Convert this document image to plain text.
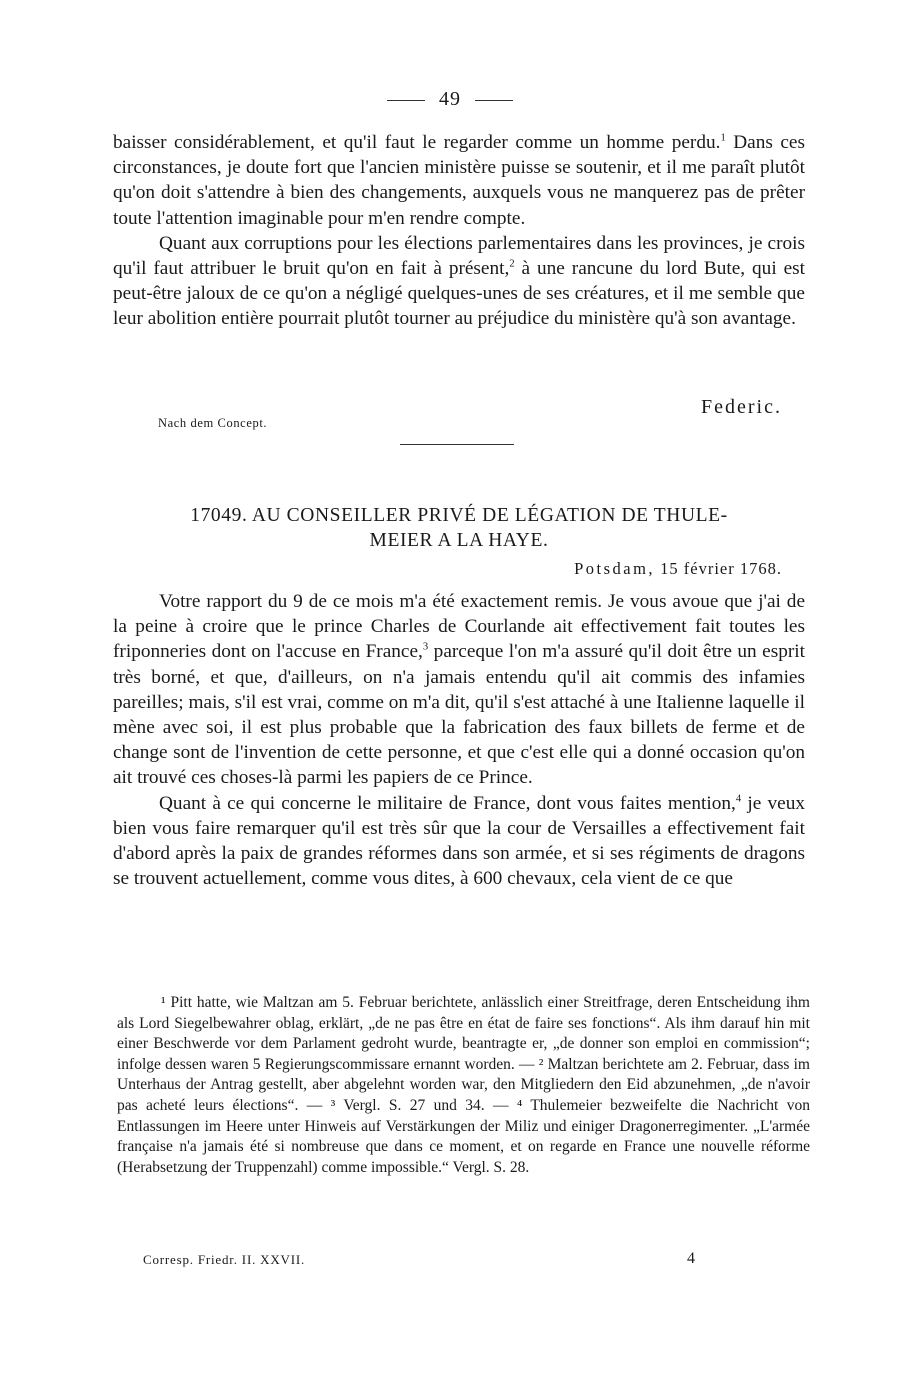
49

baisser considérablement, et qu'il faut le regarder comme un homme perdu.$^1$ Dans ces circonstances, je doute fort que l'ancien ministère puisse se soutenir, et il me paraît plutôt qu'on doit s'attendre à bien des changements, auxquels vous ne manquerez pas de prêter toute l'attention imaginable pour m'en rendre compte.

Quant aux corruptions pour les élections parlementaires dans les provinces, je crois qu'il faut attribuer le bruit qu'on en fait à présent,$^2$ à une rancune du lord Bute, qui est peut-être jaloux de ce qu'on a négligé quelques-unes de ses créatures, et il me semble que leur abolition entière pourrait plutôt tourner au préjudice du ministère qu'à son avantage.

Federic.
Nach dem Concept.
17049. AU CONSEILLER PRIVÉ DE LÉGATION DE THULE-
MEIER A LA HAYE.
Potsdam, 15 février 1768.

Votre rapport du 9 de ce mois m'a été exactement remis. Je vous avoue que j'ai de la peine à croire que le prince Charles de Courlande ait effectivement fait toutes les friponneries dont on l'accuse en France,$^3$ parceque l'on m'a assuré qu'il doit être un esprit très borné, et que, d'ailleurs, on n'a jamais entendu qu'il ait commis des infamies pareilles; mais, s'il est vrai, comme on m'a dit, qu'il s'est attaché à une Italienne laquelle il mène avec soi, il est plus probable que la fabrication des faux billets de ferme et de change sont de l'invention de cette personne, et que c'est elle qui a donné occasion qu'on ait trouvé ces choses-là parmi les papiers de ce Prince.

Quant à ce qui concerne le militaire de France, dont vous faites mention,$^4$ je veux bien vous faire remarquer qu'il est très sûr que la cour de Versailles a effectivement fait d'abord après la paix de grandes réformes dans son armée, et si ses régiments de dragons se trouvent actuellement, comme vous dites, à 600 chevaux, cela vient de ce que

¹ Pitt hatte, wie Maltzan am 5. Februar berichtete, anlässlich einer Streitfrage, deren Entscheidung ihm als Lord Siegelbewahrer oblag, erklärt, „de ne pas être en état de faire ses fonctions“. Als ihm darauf hin mit einer Beschwerde vor dem Parlament gedroht wurde, beantragte er, „de donner son emploi en commission“; infolge dessen waren 5 Regierungscommissare ernannt worden. — ² Maltzan berichtete am 2. Februar, dass im Unterhaus der Antrag gestellt, aber abgelehnt worden war, den Mitgliedern den Eid abzunehmen, „de n'avoir pas acheté leurs élections“. — ³ Vergl. S. 27 und 34. — ⁴ Thulemeier bezweifelte die Nachricht von Entlassungen im Heere unter Hinweis auf Verstärkungen der Miliz und einiger Dragonerregimenter. „L'armée française n'a jamais été si nombreuse que dans ce moment, et on regarde en France une nouvelle réforme (Herabsetzung der Truppenzahl) comme impossible.“ Vergl. S. 28.

Corresp. Friedr. II. XXVII.	4
